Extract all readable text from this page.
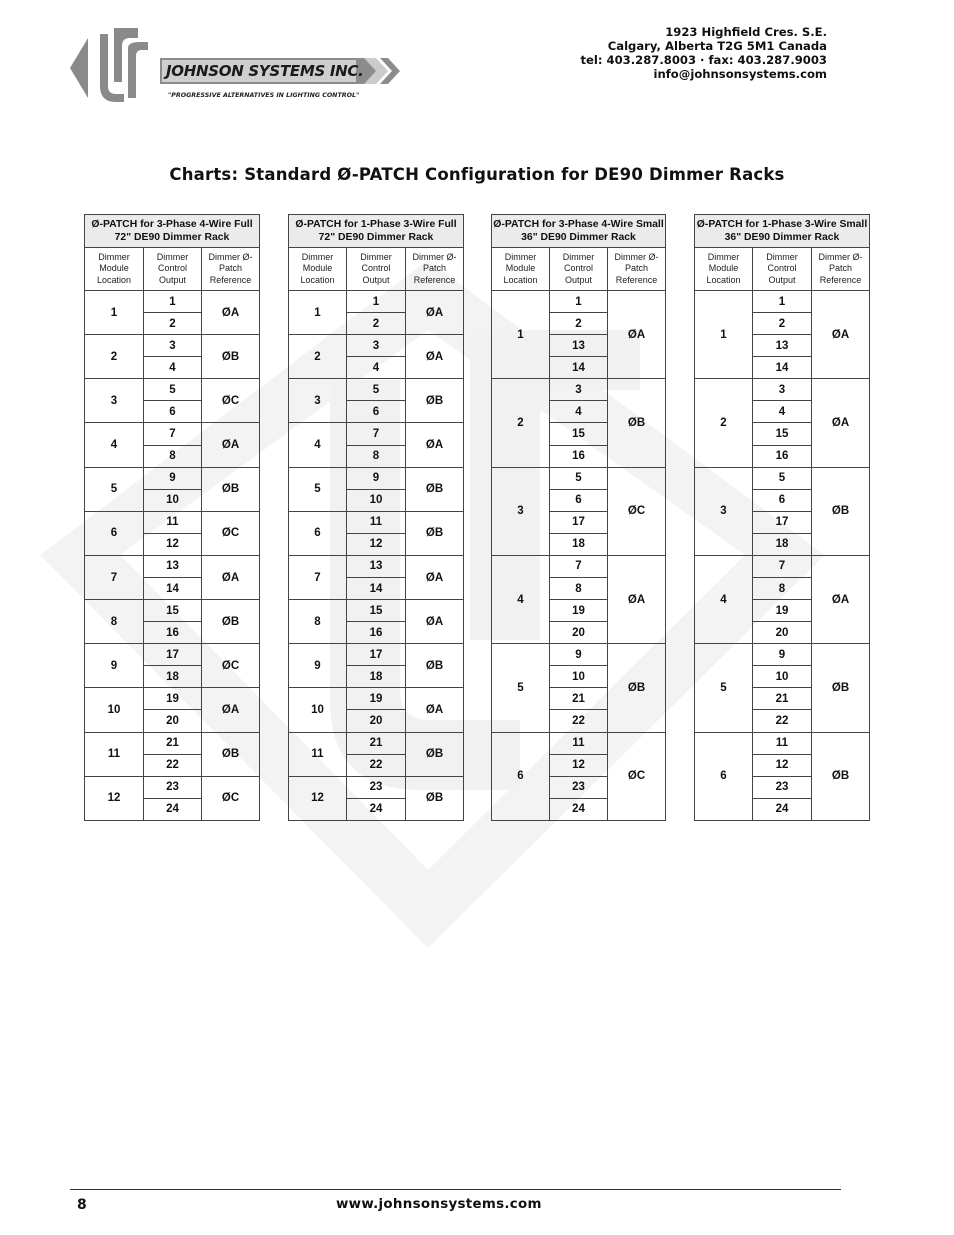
JOHNSON SYSTEMS INC.
"PROGRESSIVE ALTERNATIVES IN LIGHTING CONTROL"
1923 Highfield Cres. S.E.
Calgary, Alberta T2G 5M1 Canada
tel: 403.287.8003 · fax: 403.287.9003
info@johnsonsystems.com
Charts: Standard Ø-PATCH Configuration for DE90 Dimmer Racks
Ø-PATCH for 3-Phase 4-Wire Full 72" DE90 Dimmer Rack		
Dimmer Module Location	Dimmer Control Output	Dimmer Ø-Patch Reference
1	1	ØA
	2	
2	3	ØB
	4	
3	5	ØC
	6	
4	7	ØA
	8	
5	9	ØB
	10	
6	11	ØC
	12	
7	13	ØA
	14	
8	15	ØB
	16	
9	17	ØC
	18	
10	19	ØA
	20	
11	21	ØB
	22	
12	23	ØC
	24	
Ø-PATCH for 1-Phase 3-Wire Full 72" DE90 Dimmer Rack		
Dimmer Module Location	Dimmer Control Output	Dimmer Ø-Patch Reference
1	1	ØA
	2	
2	3	ØA
	4	
3	5	ØB
	6	
4	7	ØA
	8	
5	9	ØB
	10	
6	11	ØB
	12	
7	13	ØA
	14	
8	15	ØA
	16	
9	17	ØB
	18	
10	19	ØA
	20	
11	21	ØB
	22	
12	23	ØB
	24	
Ø-PATCH for 3-Phase 4-Wire Small 36" DE90 Dimmer Rack		
Dimmer Module Location	Dimmer Control Output	Dimmer Ø-Patch Reference
1	1	ØA
	2	
	13	
	14	
2	3	ØB
	4	
	15	
	16	
3	5	ØC
	6	
	17	
	18	
4	7	ØA
	8	
	19	
	20	
5	9	ØB
	10	
	21	
	22	
6	11	ØC
	12	
	23	
	24	
Ø-PATCH for 1-Phase 3-Wire Small 36" DE90 Dimmer Rack		
Dimmer Module Location	Dimmer Control Output	Dimmer Ø-Patch Reference
1	1	ØA
	2	
	13	
	14	
2	3	ØA
	4	
	15	
	16	
3	5	ØB
	6	
	17	
	18	
4	7	ØA
	8	
	19	
	20	
5	9	ØB
	10	
	21	
	22	
6	11	ØB
	12	
	23	
	24	
8	www.johnsonsystems.com
